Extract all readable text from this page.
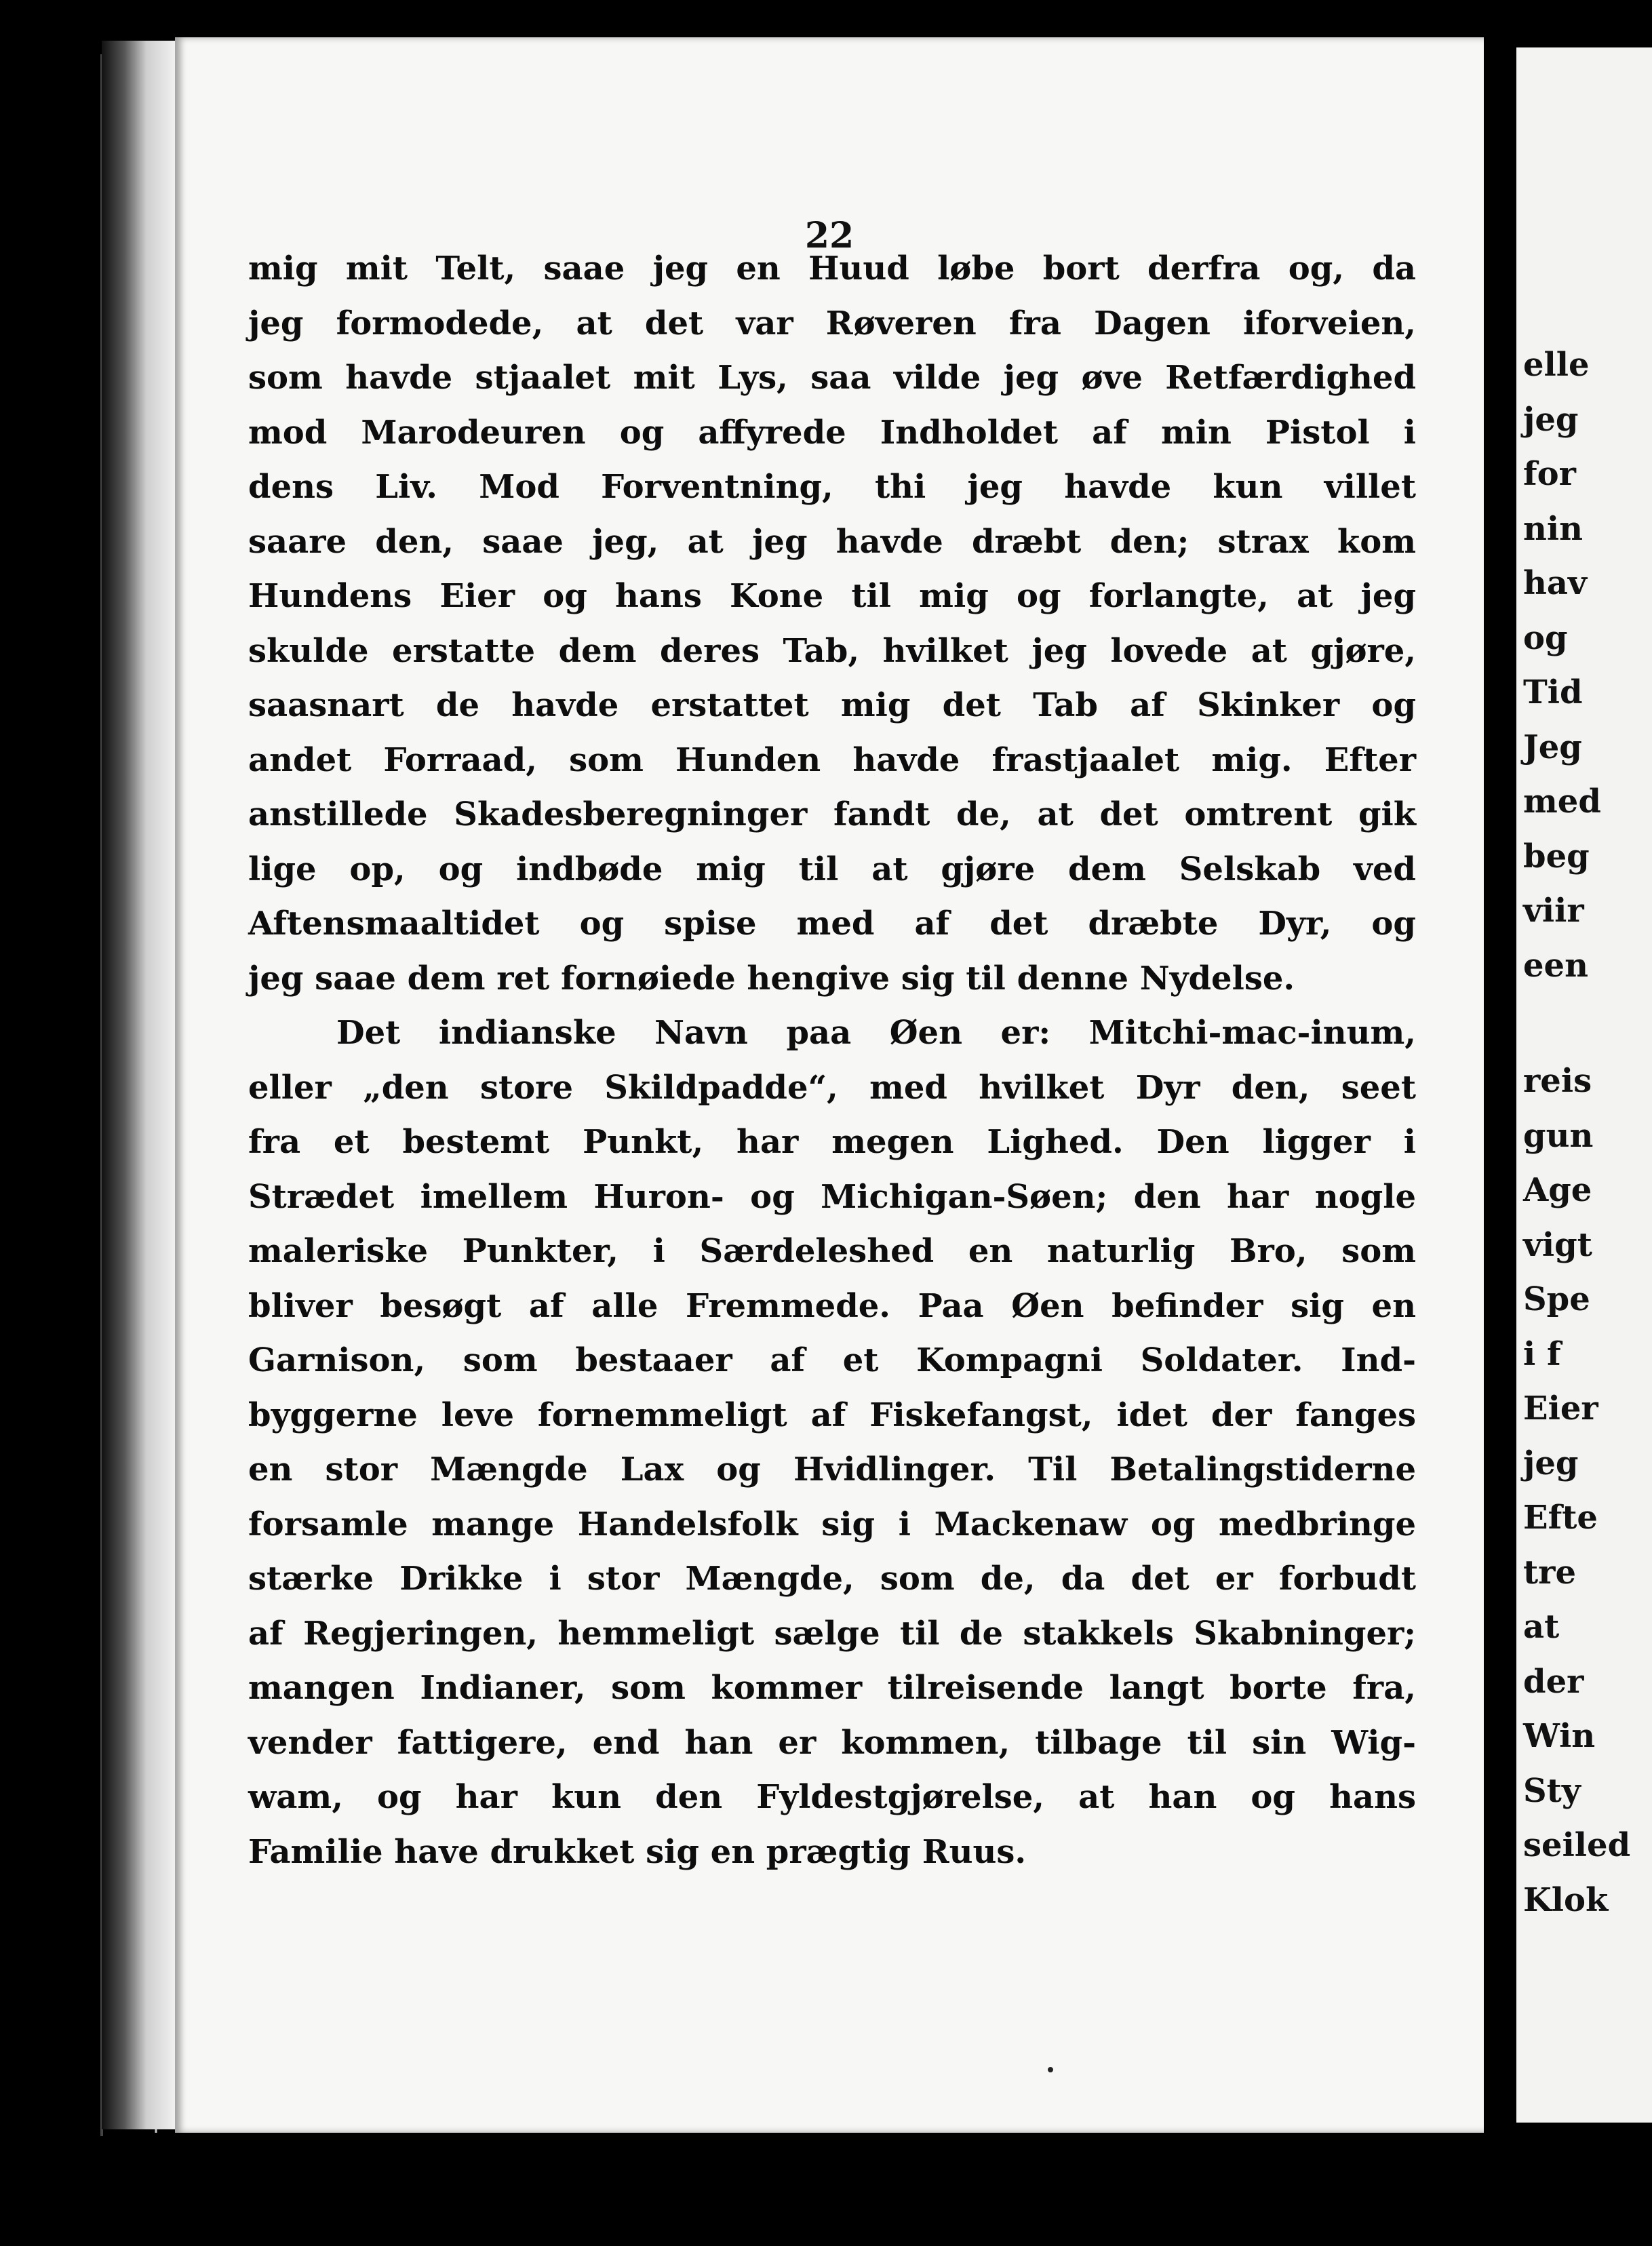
22
mig mit Telt, saae jeg en Huud løbe bort derfra og, da
jeg formodede, at det var Røveren fra Dagen iforveien,
som havde stjaalet mit Lys, saa vilde jeg øve Retfærdighed
mod Marodeuren og affyrede Indholdet af min Pistol i
dens Liv. Mod Forventning, thi jeg havde kun villet
saare den, saae jeg, at jeg havde dræbt den; strax kom
Hundens Eier og hans Kone til mig og forlangte, at jeg
skulde erstatte dem deres Tab, hvilket jeg lovede at gjøre,
saasnart de havde erstattet mig det Tab af Skinker og
andet Forraad, som Hunden havde frastjaalet mig. Efter
anstillede Skadesberegninger fandt de, at det omtrent gik
lige op, og indbøde mig til at gjøre dem Selskab ved
Aftensmaaltidet og spise med af det dræbte Dyr, og
jeg saae dem ret fornøiede hengive sig til denne Nydelse.
Det indianske Navn paa Øen er: Mitchi-mac-inum,
eller „den store Skildpadde“, med hvilket Dyr den, seet
fra et bestemt Punkt, har megen Lighed. Den ligger i
Strædet imellem Huron- og Michigan-Søen; den har nogle
maleriske Punkter, i Særdeleshed en naturlig Bro, som
bliver besøgt af alle Fremmede. Paa Øen befinder sig en
Garnison, som bestaaer af et Kompagni Soldater. Ind-
byggerne leve fornemmeligt af Fiskefangst, idet der fanges
en stor Mængde Lax og Hvidlinger. Til Betalingstiderne
forsamle mange Handelsfolk sig i Mackenaw og medbringe
stærke Drikke i stor Mængde, som de, da det er forbudt
af Regjeringen, hemmeligt sælge til de stakkels Skabninger;
mangen Indianer, som kommer tilreisende langt borte fra,
vender fattigere, end han er kommen, tilbage til sin Wig-
wam, og har kun den Fyldestgjørelse, at han og hans
Familie have drukket sig en prægtig Ruus.
elle
jeg
for
nin
hav
og
Tid
Jeg
med
beg
viir
een
reis
gun
Age
vigt
Spe
i f
Eier
jeg
Efte
tre
at
der
Win
Sty
seiled
Klok
